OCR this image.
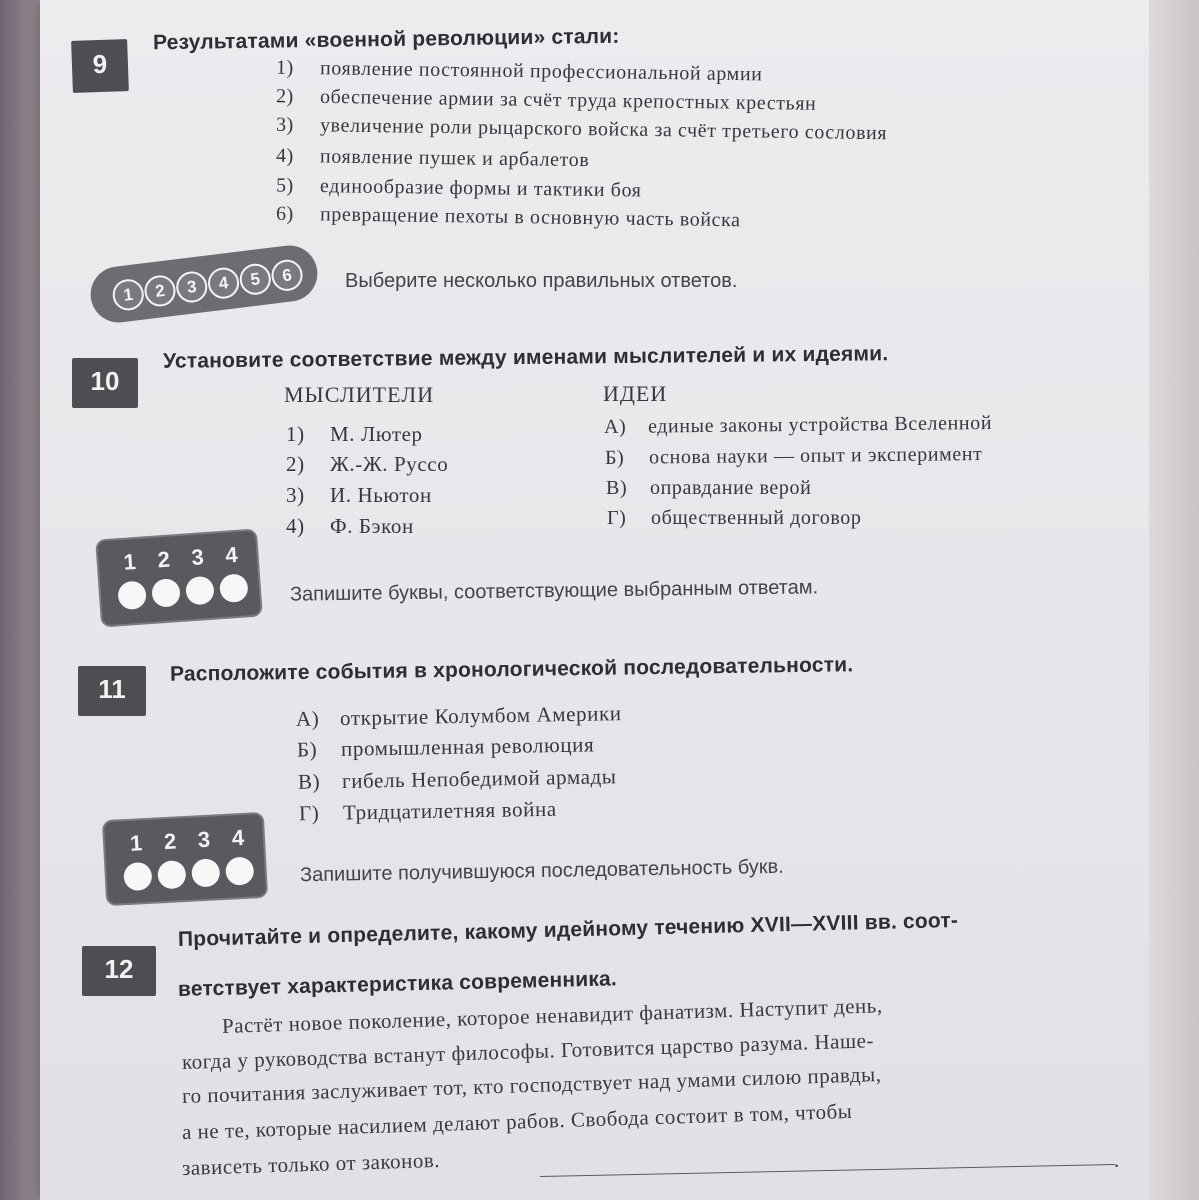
9
Результатами «военной революции» стали:
1) появление постоянной профессиональной армии
2) обеспечение армии за счёт труда крепостных крестьян
3) увеличение роли рыцарского войска за счёт третьего сословия
4) появление пушек и арбалетов
5) единообразие формы и тактики боя
6) превращение пехоты в основную часть войска
1	2	3	4	5	6	Выберите несколько правильных ответов.
10
Установите соответствие между именами мыслителей и их идеями.
МЫСЛИТЕЛИ	ИДЕИ
1) М. Лютер
2) Ж.-Ж. Руссо
3) И. Ньютон
4) Ф. Бэкон
А) единые законы устройства Вселенной
Б) основа науки — опыт и эксперимент
В) оправдание верой
Г) общественный договор
1 2 3 4
Запишите буквы, соответствующие выбранным ответам.
11
Расположите события в хронологической последовательности.
А) открытие Колумбом Америки
Б) промышленная революция
В) гибель Непобедимой армады
Г) Тридцатилетняя война
1 2 3 4
Запишите получившуюся последовательность букв.
12
Прочитайте и определите, какому идейному течению XVII—XVIII вв. соот-
ветствует характеристика современника.
Растёт новое поколение, которое ненавидит фанатизм. Наступит день,
когда у руководства встанут философы. Готовится царство разума. Наше-
го почитания заслуживает тот, кто господствует над умами силою правды,
а не те, которые насилием делают рабов. Свобода состоит в том, чтобы
зависеть только от законов.	.
